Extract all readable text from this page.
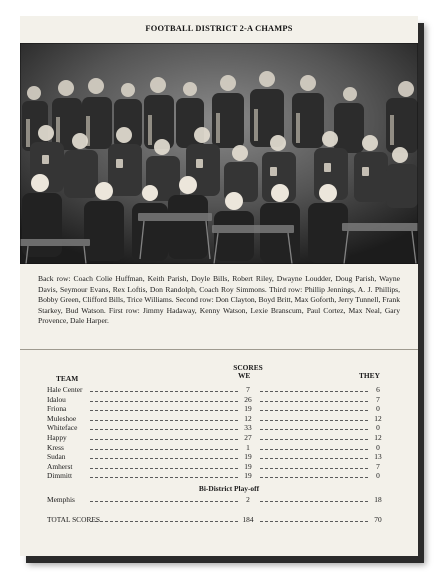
FOOTBALL DISTRICT 2-A CHAMPS

Back row: Coach Colie Huffman, Keith Parish, Doyle Bills, Robert Riley, Dwayne Loudder, Doug Parish, Wayne Davis, Seymour Evans, Rex Loftis, Don Randolph, Coach Roy Simmons. Third row: Phillip Jennings, A. J. Phillips, Bobby Green, Clifford Bills, Trice Williams. Second row: Don Clayton, Boyd Britt, Max Goforth, Jerry Tunnell, Frank Starkey, Bud Watson. First row: Jimmy Hadaway, Kenny Watson, Lexie Branscum, Paul Cortez, Max Neal, Gary Provence, Dale Harper.

SCORES
TEAM	WE	THEY
Hale Center	7	6
Idalou	26	7
Friona	19	0
Muleshoe	12	12
Whiteface	33	0
Happy	27	12
Kress	1	0
Sudan	19	13
Amherst	19	7
Dimmitt	19	0
Bi-District Play-off
Memphis	2	18
TOTAL SCORES	184	70
